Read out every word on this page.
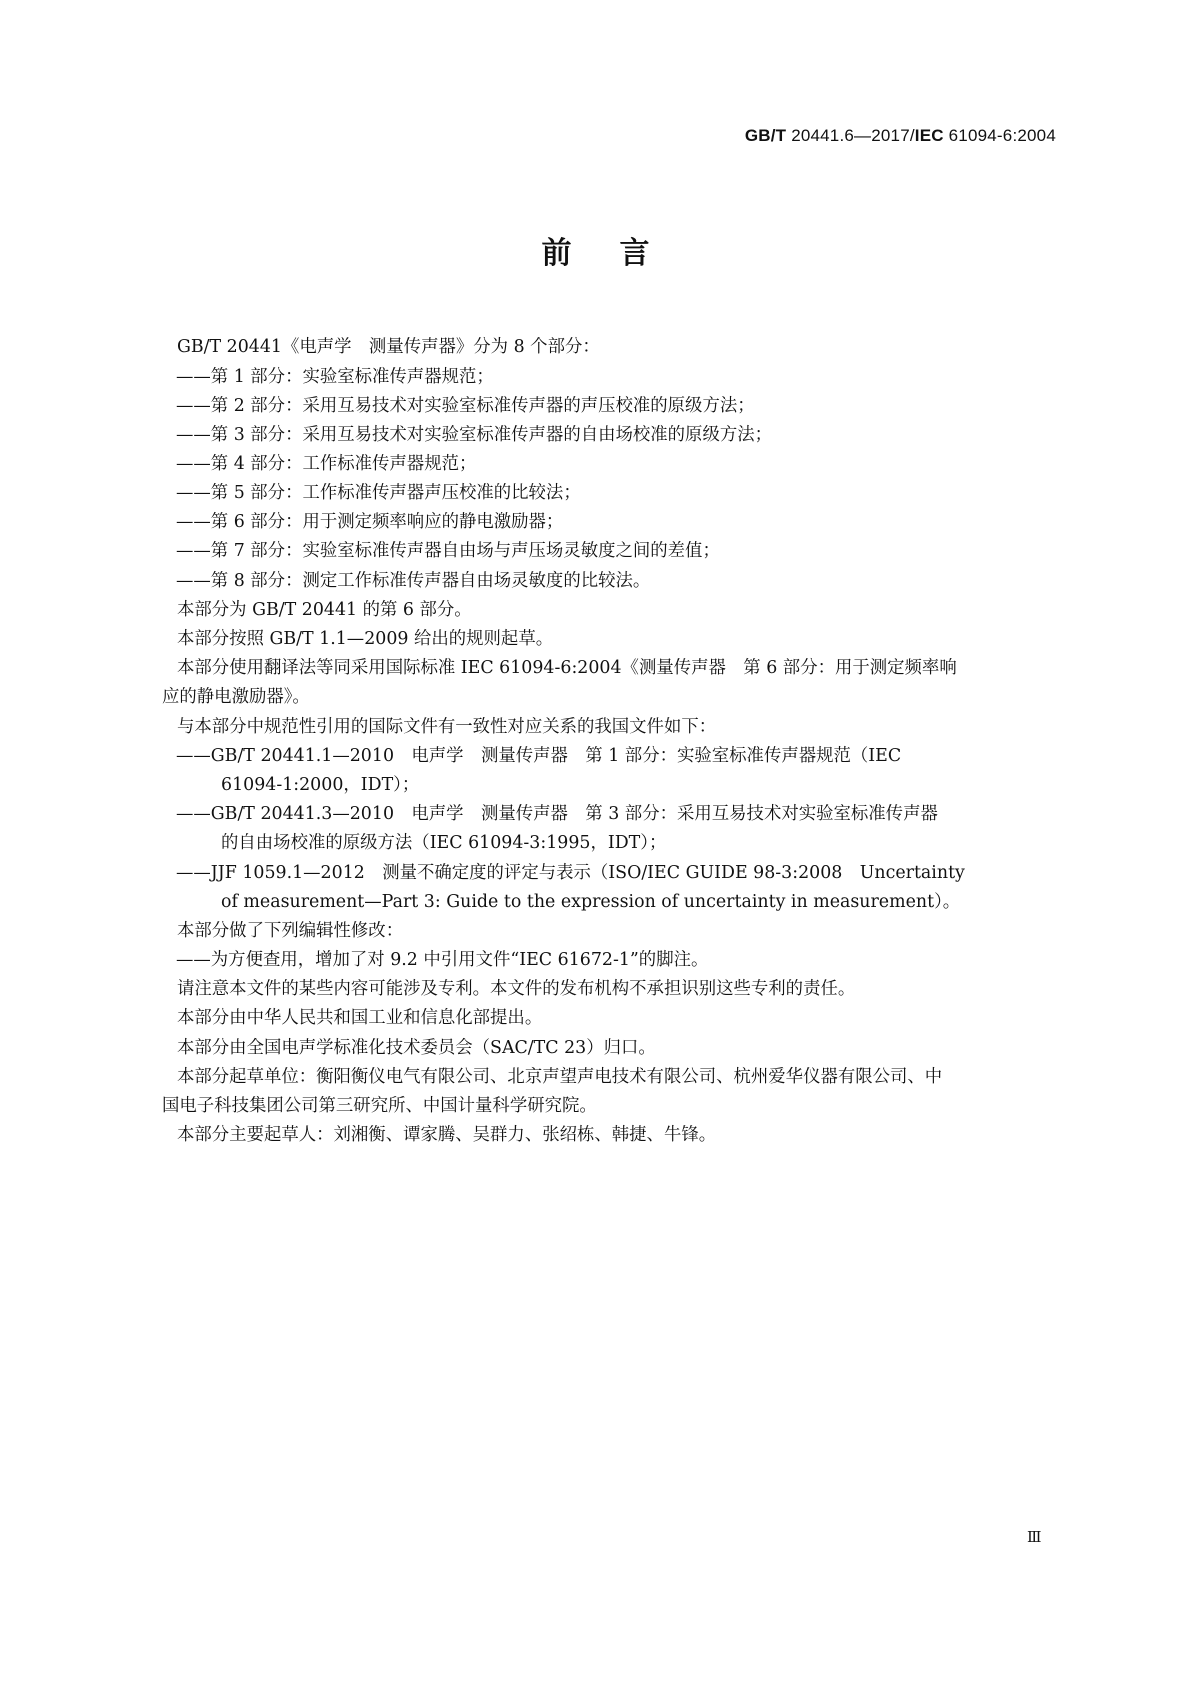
GB/T 20441.6—2017/IEC 61094-6:2004
前 言
GB/T 20441《电声学　测量传声器》分为 8 个部分：
——第 1 部分：实验室标准传声器规范；
——第 2 部分：采用互易技术对实验室标准传声器的声压校准的原级方法；
——第 3 部分：采用互易技术对实验室标准传声器的自由场校准的原级方法；
——第 4 部分：工作标准传声器规范；
——第 5 部分：工作标准传声器声压校准的比较法；
——第 6 部分：用于测定频率响应的静电激励器；
——第 7 部分：实验室标准传声器自由场与声压场灵敏度之间的差值；
——第 8 部分：测定工作标准传声器自由场灵敏度的比较法。
本部分为 GB/T 20441 的第 6 部分。
本部分按照 GB/T 1.1—2009 给出的规则起草。
本部分使用翻译法等同采用国际标准 IEC 61094-6:2004《测量传声器　第 6 部分：用于测定频率响
应的静电激励器》。
与本部分中规范性引用的国际文件有一致性对应关系的我国文件如下：
——GB/T 20441.1—2010　电声学　测量传声器　第 1 部分：实验室标准传声器规范（IEC
61094-1:2000，IDT）；
——GB/T 20441.3—2010　电声学　测量传声器　第 3 部分：采用互易技术对实验室标准传声器
的自由场校准的原级方法（IEC 61094-3:1995，IDT）；
——JJF 1059.1—2012　测量不确定度的评定与表示（ISO/IEC GUIDE 98-3:2008　Uncertainty
of measurement—Part 3: Guide to the expression of uncertainty in measurement）。
本部分做了下列编辑性修改：
——为方便查用，增加了对 9.2 中引用文件“IEC 61672-1”的脚注。
请注意本文件的某些内容可能涉及专利。本文件的发布机构不承担识别这些专利的责任。
本部分由中华人民共和国工业和信息化部提出。
本部分由全国电声学标准化技术委员会（SAC/TC 23）归口。
本部分起草单位：衡阳衡仪电气有限公司、北京声望声电技术有限公司、杭州爱华仪器有限公司、中
国电子科技集团公司第三研究所、中国计量科学研究院。
本部分主要起草人：刘湘衡、谭家腾、吴群力、张绍栋、韩捷、牛锋。
Ⅲ
